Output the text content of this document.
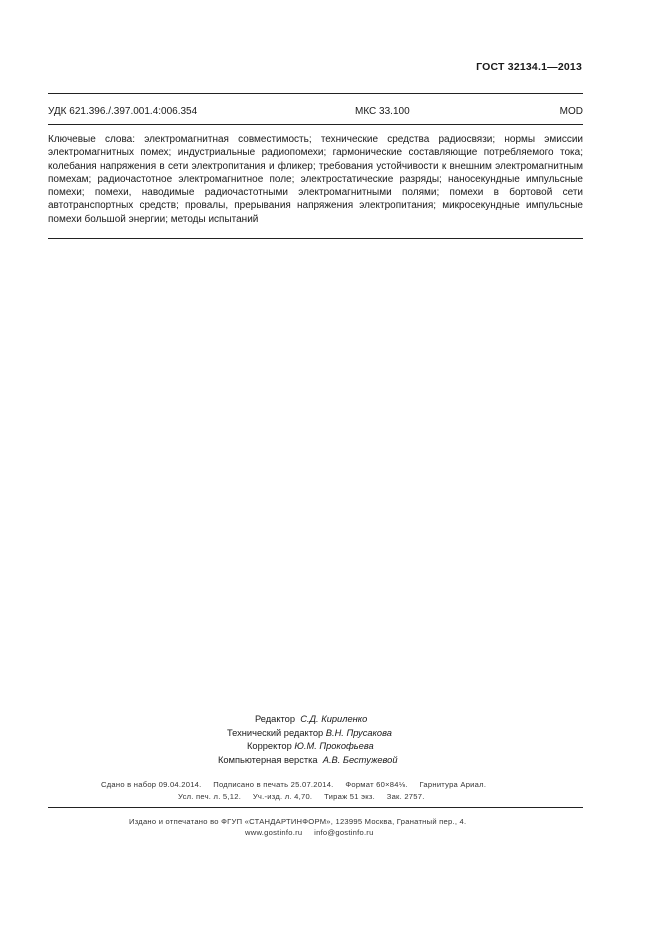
ГОСТ 32134.1—2013
УДК 621.396./.397.001.4:006.354	МКС 33.100	MOD

Ключевые слова: электромагнитная совместимость; технические средства радиосвязи; нормы эмиссии электромагнитных помех; индустриальные радиопомехи; гармонические составляющие потребляемого тока; колебания напряжения в сети электропитания и фликер; требования устойчивости к внешним электромагнитным помехам; радиочастотное электромагнитное поле; электростатические разряды; наносекундные импульсные помехи; помехи, наводимые радиочастотными электромагнитными полями; помехи в бортовой сети автотранспортных средств; провалы, прерывания напряжения электропитания; микросекундные импульсные помехи большой энергии; методы испытаний

Редактор С.Д. Кириленко
Технический редактор В.Н. Прусакова
Корректор Ю.М. Прокофьева
Компьютерная верстка А.В. Бестужевой
Сдано в набор 09.04.2014.     Подписано в печать 25.07.2014.     Формат 60×84⅛.     Гарнитура Ариал.
Усл. печ. л. 5,12.     Уч.-изд. л. 4,70.     Тираж 51 экз.     Зак. 2757.
Издано и отпечатано во ФГУП «СТАНДАРТИНФОРМ», 123995 Москва, Гранатный пер., 4.
www.gostinfo.ru     info@gostinfo.ru
